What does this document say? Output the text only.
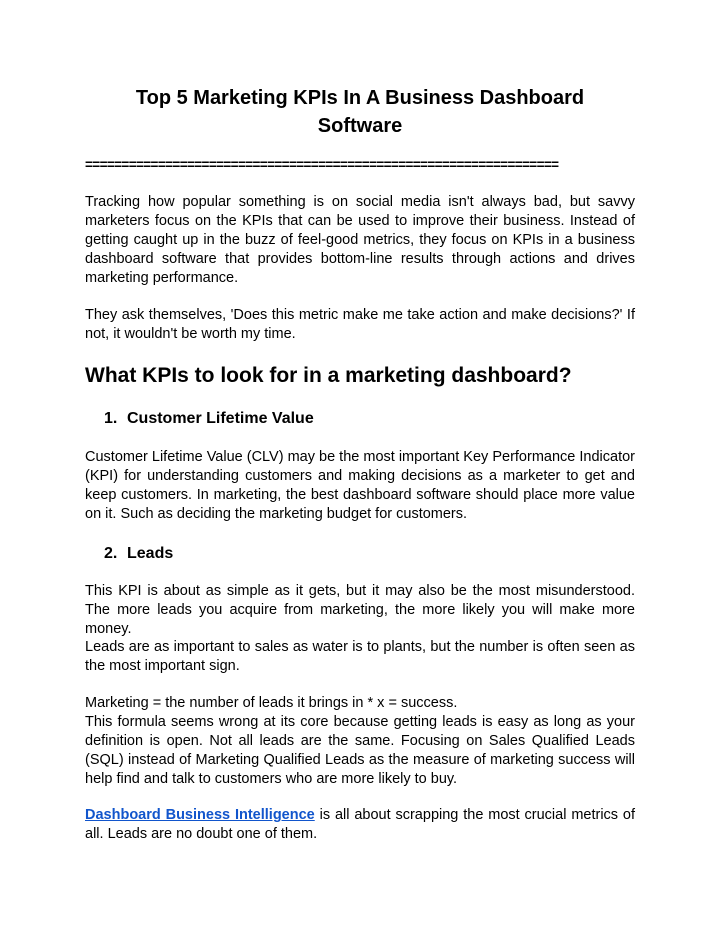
Top 5 Marketing KPIs In A Business Dashboard
Software

=================================================================

Tracking how popular something is on social media isn't always bad, but savvy marketers focus on the KPIs that can be used to improve their business. Instead of getting caught up in the buzz of feel-good metrics, they focus on KPIs in a business dashboard software that provides bottom-line results through actions and drives marketing performance.

They ask themselves, 'Does this metric make me take action and make decisions?' If not, it wouldn't be worth my time.

What KPIs to look for in a marketing dashboard?
1. Customer Lifetime Value

Customer Lifetime Value (CLV) may be the most important Key Performance Indicator (KPI) for understanding customers and making decisions as a marketer to get and keep customers. In marketing, the best dashboard software should place more value on it. Such as deciding the marketing budget for customers.

2. Leads

This KPI is about as simple as it gets, but it may also be the most misunderstood. The more leads you acquire from marketing, the more likely you will make more money.

Leads are as important to sales as water is to plants, but the number is often seen as the most important sign.

Marketing = the number of leads it brings in * x = success.

This formula seems wrong at its core because getting leads is easy as long as your definition is open. Not all leads are the same. Focusing on Sales Qualified Leads (SQL) instead of Marketing Qualified Leads as the measure of marketing success will help find and talk to customers who are more likely to buy.

Dashboard Business Intelligence is all about scrapping the most crucial metrics of all. Leads are no doubt one of them.
